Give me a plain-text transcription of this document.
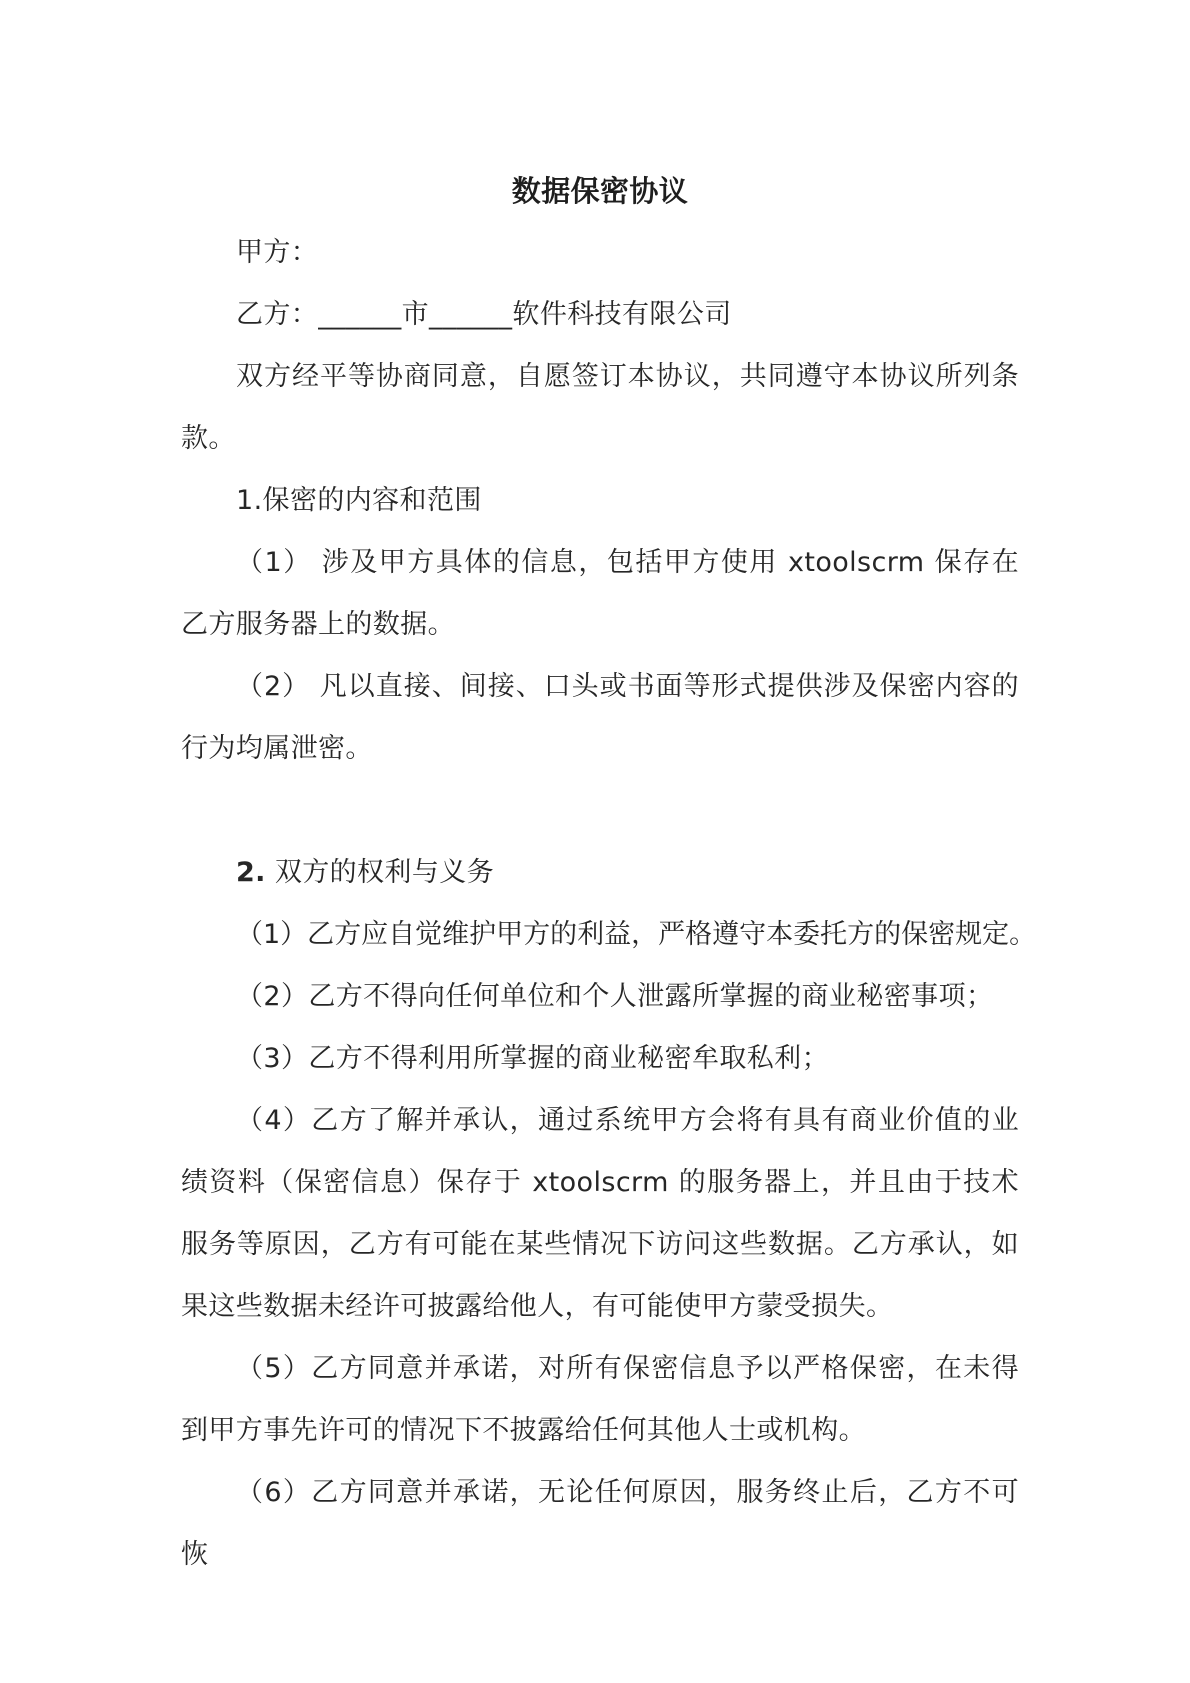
数据保密协议

甲方：

乙方：______市______软件科技有限公司

双方经平等协商同意，自愿签订本协议，共同遵守本协议所列条款。

1.保密的内容和范围

（1） 涉及甲方具体的信息，包括甲方使用 xtoolscrm 保存在乙方服务器上的数据。

（2） 凡以直接、间接、口头或书面等形式提供涉及保密内容的行为均属泄密。

2. 双方的权利与义务

（1）乙方应自觉维护甲方的利益，严格遵守本委托方的保密规定。

（2）乙方不得向任何单位和个人泄露所掌握的商业秘密事项；

（3）乙方不得利用所掌握的商业秘密牟取私利；

（4）乙方了解并承认，通过系统甲方会将有具有商业价值的业绩资料（保密信息）保存于 xtoolscrm 的服务器上，并且由于技术服务等原因，乙方有可能在某些情况下访问这些数据。乙方承认，如果这些数据未经许可披露给他人，有可能使甲方蒙受损失。

（5）乙方同意并承诺，对所有保密信息予以严格保密，在未得到甲方事先许可的情况下不披露给任何其他人士或机构。

（6）乙方同意并承诺，无论任何原因，服务终止后，乙方不可恢
